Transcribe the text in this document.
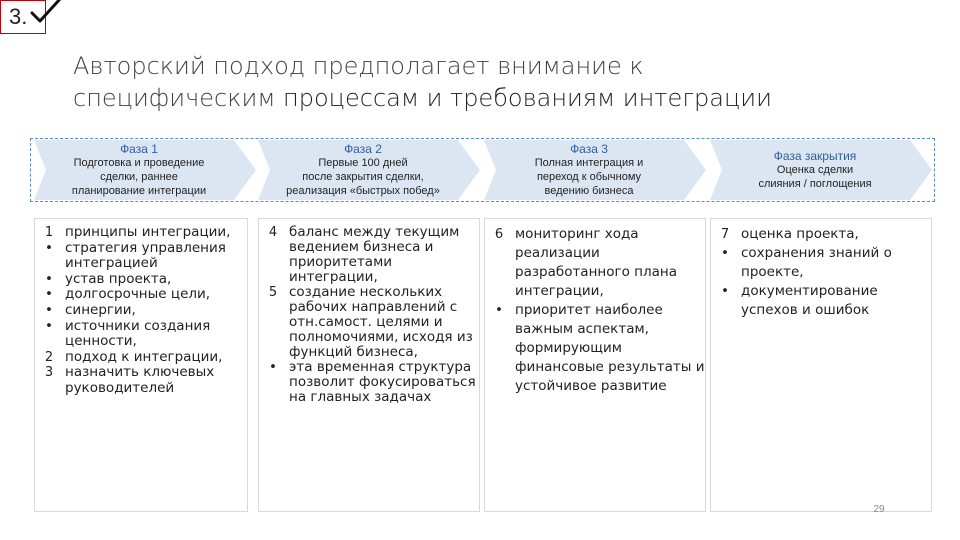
3.
Авторский подход предполагает внимание к
специфическим процессам и требованиям интеграции
Фаза 1
Подготовка и проведение
сделки, раннее
планирование интеграции
Фаза 2
Первые 100 дней
после закрытия сделки,
реализация «быстрых побед»
Фаза 3
Полная интеграция и
переход к обычному
ведению бизнеса
Фаза закрытия
Оценка сделки
слияния / поглощения
1 принципы интеграции,
• стратегия управления интеграцией
• устав проекта,
• долгосрочные цели,
• синергии,
• источники создания ценности,
2 подход к интеграции,
3 назначить ключевых руководителей
4 баланс между текущим ведением бизнеса и приоритетами интеграции,
5 создание нескольких рабочих направлений с отн.самост. целями и полномочиями, исходя из функций бизнеса,
• эта временная структура позволит фокусироваться на главных задачах
6 мониторинг хода реализации разработанного плана интеграции,
• приоритет наиболее важным аспектам, формирующим финансовые результаты и устойчивое развитие
7 оценка проекта,
• сохранения знаний о проекте,
• документирование успехов и ошибок
29
